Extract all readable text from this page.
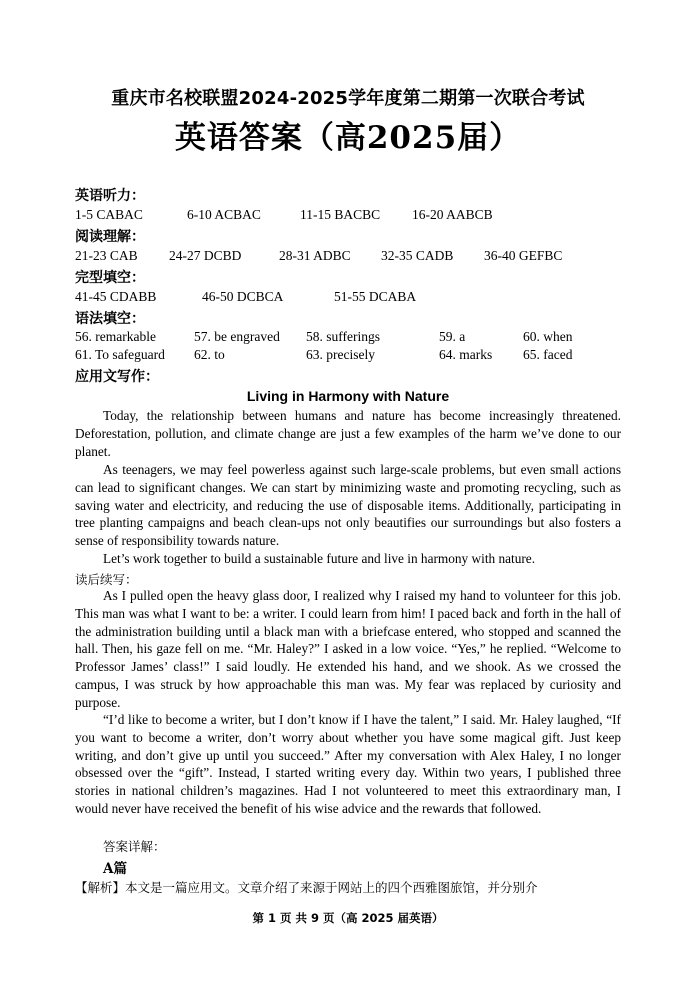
重庆市名校联盟2024-2025学年度第二期第一次联合考试
英语答案（高2025届）
英语听力：
1-5 CABAC	6-10 ACBAC	11-15 BACBC 16-20 AABCB
阅读理解：
21-23 CAB 24-27 DCBD	28-31 ADBC 32-35 CADB 36-40 GEFBC
完型填空：
41-45 CDABB	46-50 DCBCA	51-55 DCABA
语法填空：
56. remarkable	57. be engraved 58. sufferings	59. a	60. when
61. To safeguard 62. to	63. precisely	64. marks 65. faced
应用文写作：
Living in Harmony with Nature

Today, the relationship between humans and nature has become increasingly threatened. Deforestation, pollution, and climate change are just a few examples of the harm we’ve done to our planet.

As teenagers, we may feel powerless against such large-scale problems, but even small actions can lead to significant changes. We can start by minimizing waste and promoting recycling, such as saving water and electricity, and reducing the use of disposable items. Additionally, participating in tree planting campaigns and beach clean-ups not only beautifies our surroundings but also fosters a sense of responsibility towards nature.

Let’s work together to build a sustainable future and live in harmony with nature.

读后续写：

As I pulled open the heavy glass door, I realized why I raised my hand to volunteer for this job. This man was what I want to be: a writer. I could learn from him! I paced back and forth in the hall of the administration building until a black man with a briefcase entered, who stopped and scanned the hall. Then, his gaze fell on me. “Mr. Haley?” I asked in a low voice. “Yes,” he replied. “Welcome to Professor James’ class!” I said loudly. He extended his hand, and we shook. As we crossed the campus, I was struck by how approachable this man was. My fear was replaced by curiosity and purpose.

“I’d like to become a writer, but I don’t know if I have the talent,” I said. Mr. Haley laughed, “If you want to become a writer, don’t worry about whether you have some magical gift. Just keep writing, and don’t give up until you succeed.” After my conversation with Alex Haley, I no longer obsessed over the “gift”. Instead, I started writing every day. Within two years, I published three stories in national children’s magazines. Had I not volunteered to meet this extraordinary man, I would never have received the benefit of his wise advice and the rewards that followed.

答案详解：
A篇
【解析】本文是一篇应用文。文章介绍了来源于网站上的四个西雅图旅馆，并分别介
第 1 页 共 9 页（高 2025 届英语）
